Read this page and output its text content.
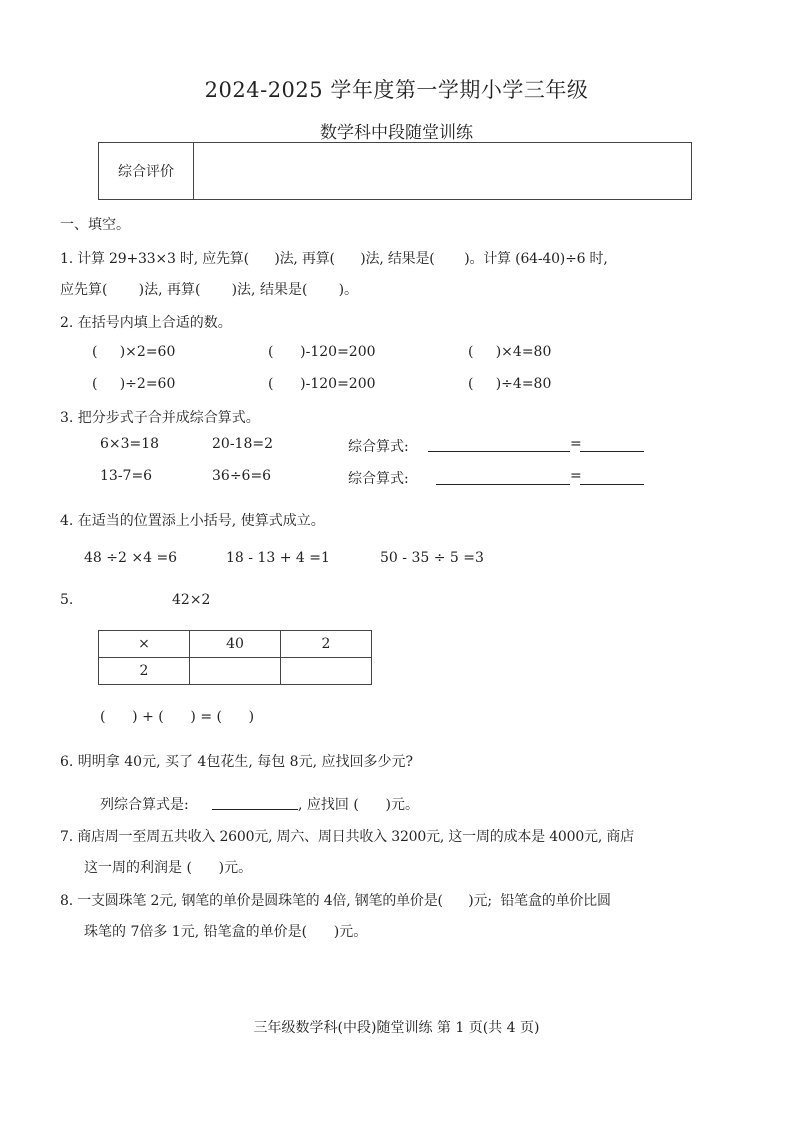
2024-2025 学年度第一学期小学三年级
数学科中段随堂训练

综合评价

一、填空。
1. 计算 29+33×3 时, 应先算(      )法, 再算(      )法, 结果是(       )。计算 (64-40)÷6 时,
应先算(       )法, 再算(       )法, 结果是(       )。
2. 在括号内填上合适的数。
(     )×2=60	(      )-120=200	(     )×4=80
(     )÷2=60	(      )-120=200	(     )÷4=80
3. 把分步式子合并成综合算式。
6×3=18	20-18=2	综合算式:	=
13-7=6	36÷6=6	综合算式:	=
4. 在适当的位置添上小括号, 使算式成立。
48 ÷2 ×4 =6	18 - 13 + 4 =1	50 - 35 ÷ 5 =3
5.	42×2
×	40	2
2		
(      ) + (      ) = (      )
6. 明明拿 40元, 买了 4包花生, 每包 8元, 应找回多少元?
列综合算式是:	, 应找回 (      )元。
7. 商店周一至周五共收入 2600元, 周六、周日共收入 3200元, 这一周的成本是 4000元, 商店
这一周的利润是 (      )元。
8. 一支圆珠笔 2元, 钢笔的单价是圆珠笔的 4倍, 钢笔的单价是(      )元;  铅笔盒的单价比圆
珠笔的 7倍多 1元, 铅笔盒的单价是(      )元。
三年级数学科(中段)随堂训练 第 1 页(共 4 页)
